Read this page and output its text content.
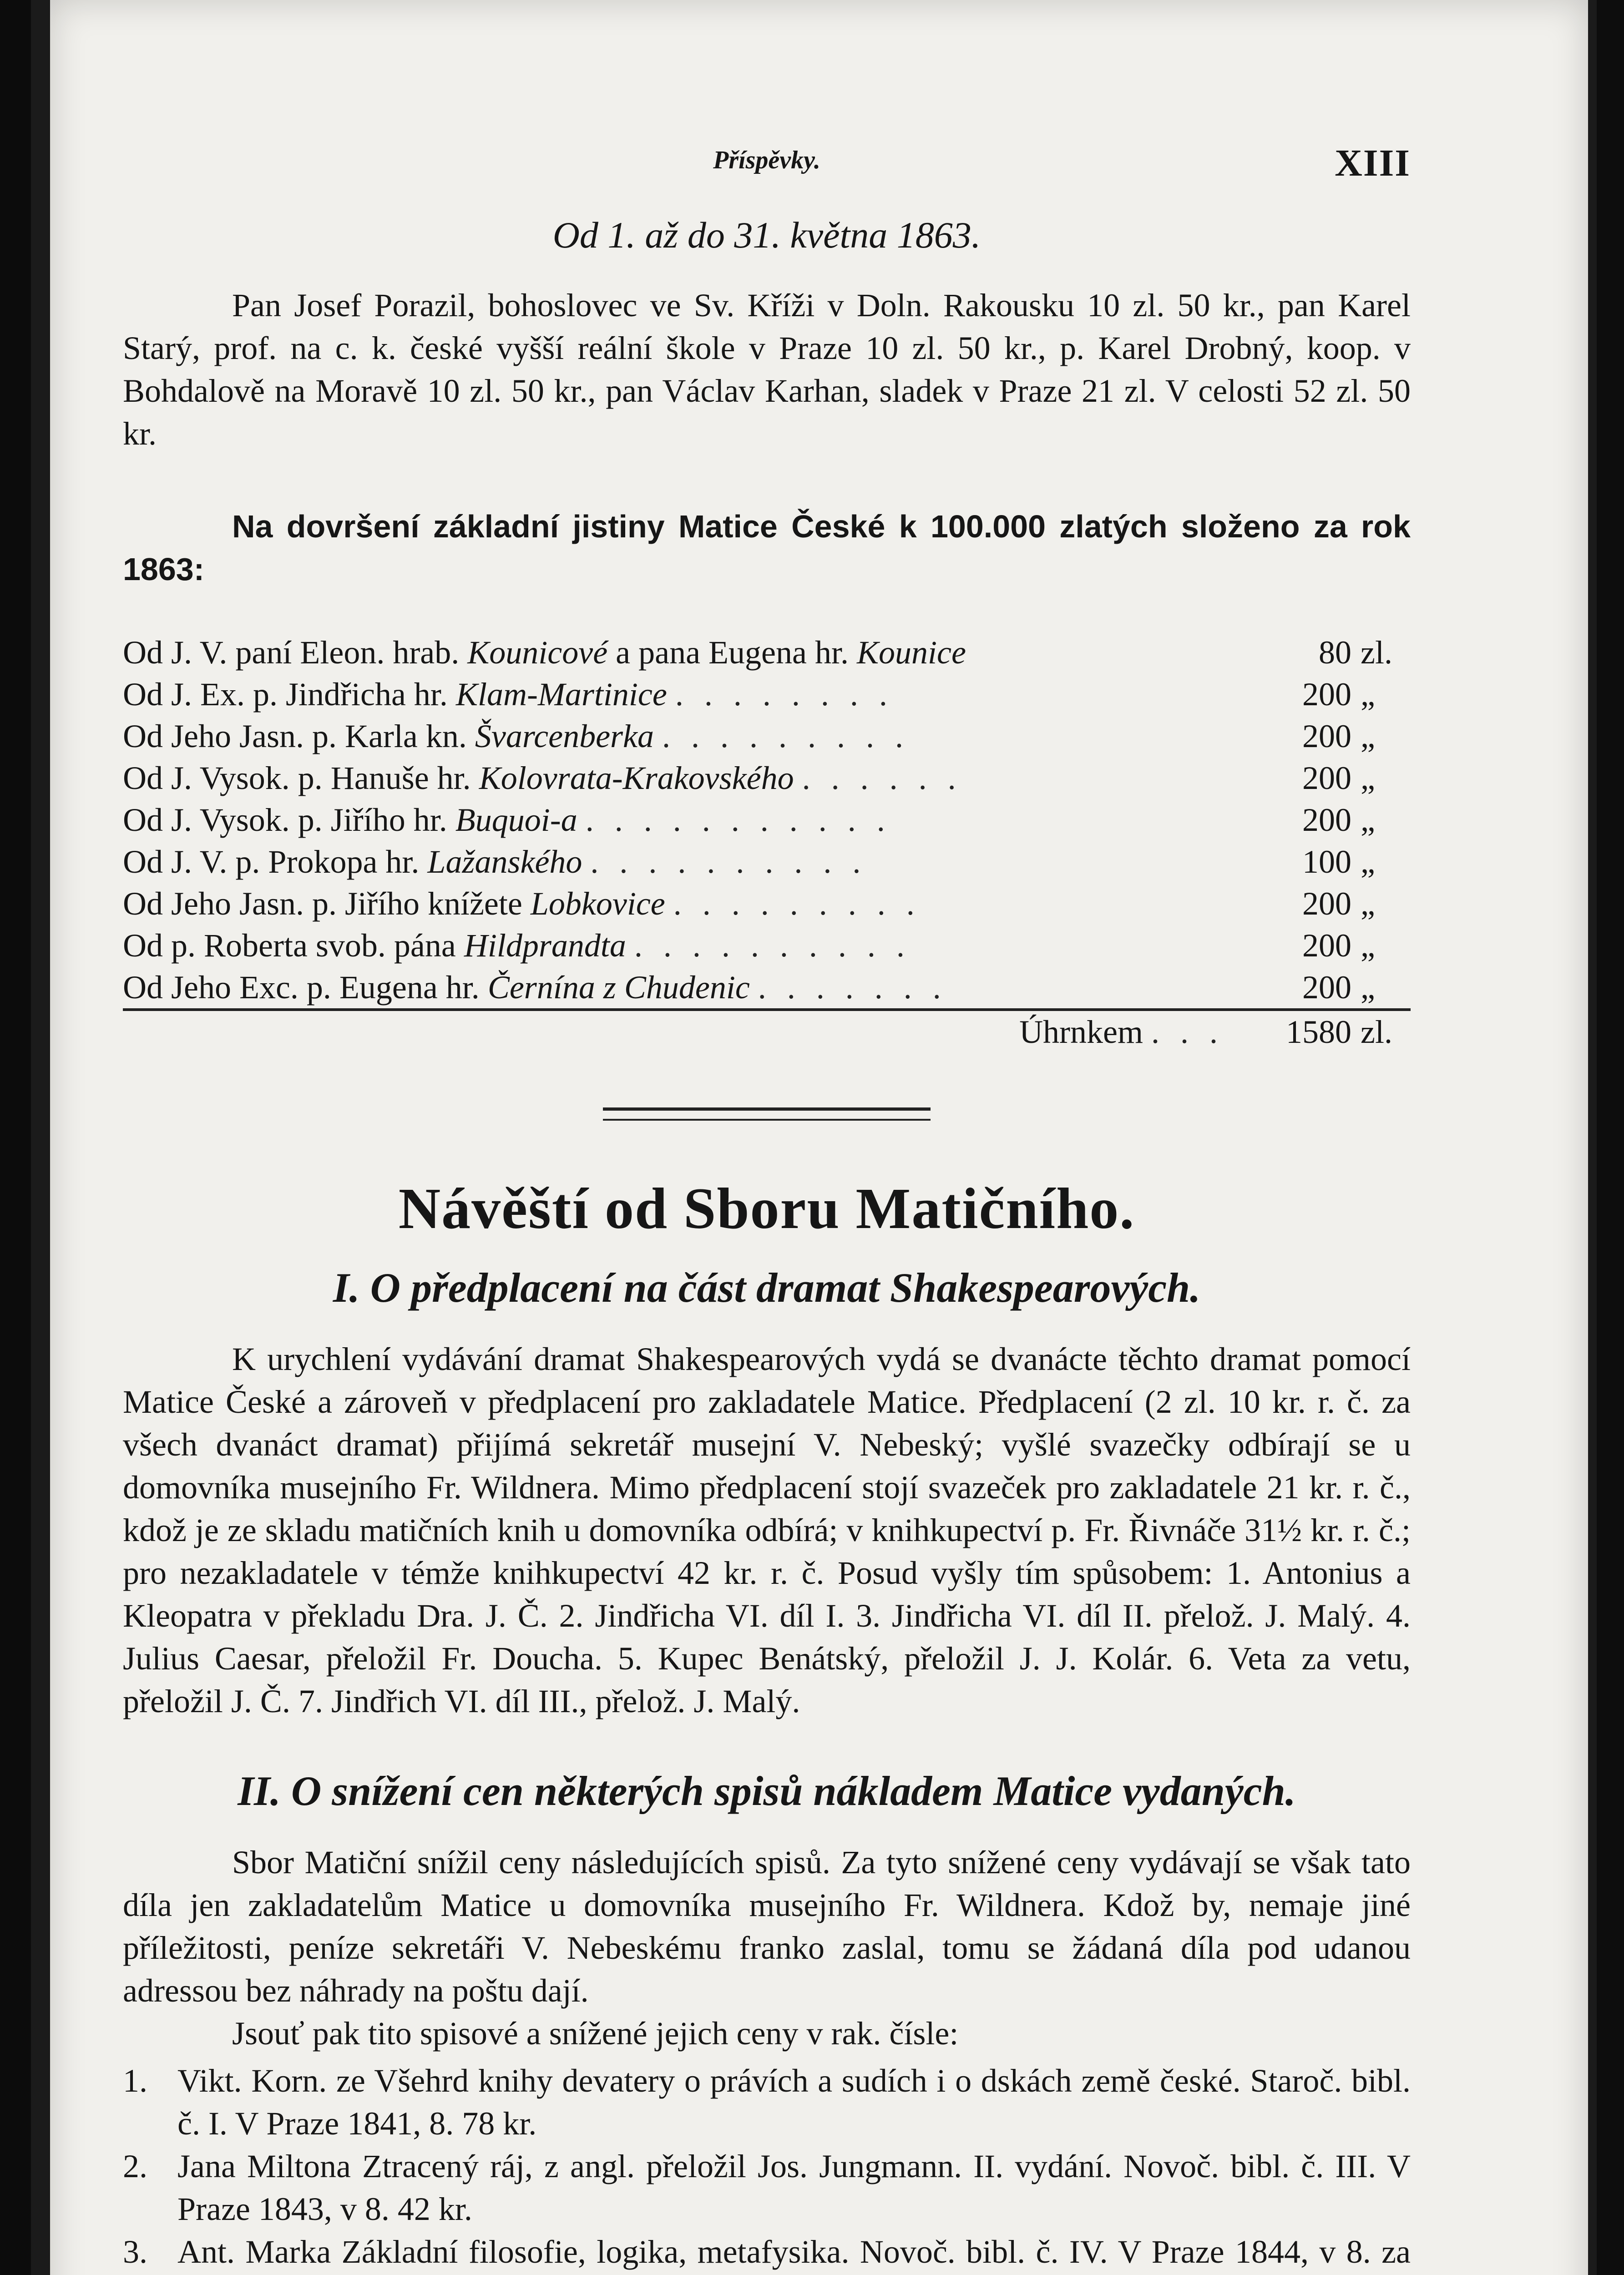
Příspěvky.	XIII
Od 1. až do 31. května 1863.

Pan Josef Porazil, bohoslovec ve Sv. Kříži v Doln. Rakousku 10 zl. 50 kr., pan Karel Starý, prof. na c. k. české vyšší reální škole v Praze 10 zl. 50 kr., p. Karel Drobný, koop. v Bohdalově na Moravě 10 zl. 50 kr., pan Václav Karhan, sladek v Praze 21 zl. V celosti 52 zl. 50 kr.

Na dovršení základní jistiny Matice České k 100.000 zlatých složeno za rok 1863:

Od J. V. paní Eleon. hrab. Kounicové a pana Eugena hr. Kounice	80	zl.
Od J. Ex. p. Jindřicha hr. Klam-Martinice . . . . . . . .	200	„
Od Jeho Jasn. p. Karla kn. Švarcenberka . . . . . . . . .	200	„
Od J. Vysok. p. Hanuše hr. Kolovrata-Krakovského . . . . . .	200	„
Od J. Vysok. p. Jiřího hr. Buquoi-a . . . . . . . . . . .	200	„
Od J. V. p. Prokopa hr. Lažanského . . . . . . . . . .	100	„
Od Jeho Jasn. p. Jiřího knížete Lobkovice . . . . . . . . .	200	„
Od p. Roberta svob. pána Hildprandta . . . . . . . . . .	200	„
Od Jeho Exc. p. Eugena hr. Černína z Chudenic . . . . . . .	200	„
Úhrnkem . . .	1580	zl.
Návěští od Sboru Matičního.
I. O předplacení na část dramat Shakespearových.

K urychlení vydávání dramat Shakespearových vydá se dvanácte těchto dramat pomocí Matice České a zároveň v předplacení pro zakladatele Matice. Předplacení (2 zl. 10 kr. r. č. za všech dvanáct dramat) přijímá sekretář musejní V. Nebeský; vyšlé svazečky odbírají se u domovníka musejního Fr. Wildnera. Mimo předplacení stojí svazeček pro zakladatele 21 kr. r. č., kdož je ze skladu matičních knih u domovníka odbírá; v knihkupectví p. Fr. Řivnáče 31½ kr. r. č.; pro nezakladatele v témže knihkupectví 42 kr. r. č. Posud vyšly tím spůsobem: 1. Antonius a Kleopatra v překladu Dra. J. Č. 2. Jindřicha VI. díl I. 3. Jindřicha VI. díl II. přelož. J. Malý. 4. Julius Caesar, přeložil Fr. Doucha. 5. Kupec Benátský, přeložil J. J. Kolár. 6. Veta za vetu, přeložil J. Č. 7. Jindřich VI. díl III., přelož. J. Malý.

II. O snížení cen některých spisů nákladem Matice vydaných.

Sbor Matiční snížil ceny následujících spisů. Za tyto snížené ceny vydávají se však tato díla jen zakladatelům Matice u domovníka musejního Fr. Wildnera. Kdož by, nemaje jiné příležitosti, peníze sekretáři V. Nebeskému franko zaslal, tomu se žádaná díla pod udanou adressou bez náhrady na poštu dají.

Jsouť pak tito spisové a snížené jejich ceny v rak. čísle:

1. Vikt. Korn. ze Všehrd knihy devatery o právích a sudích i o dskách země české. Staroč. bibl. č. I. V Praze 1841, 8. 78 kr.
2. Jana Miltona Ztracený ráj, z angl. přeložil Jos. Jungmann. II. vydání. Novoč. bibl. č. III. V Praze 1843, v 8. 42 kr.
3. Ant. Marka Základní filosofie, logika, metafysika. Novoč. bibl. č. IV. V Praze 1844, v 8. za
